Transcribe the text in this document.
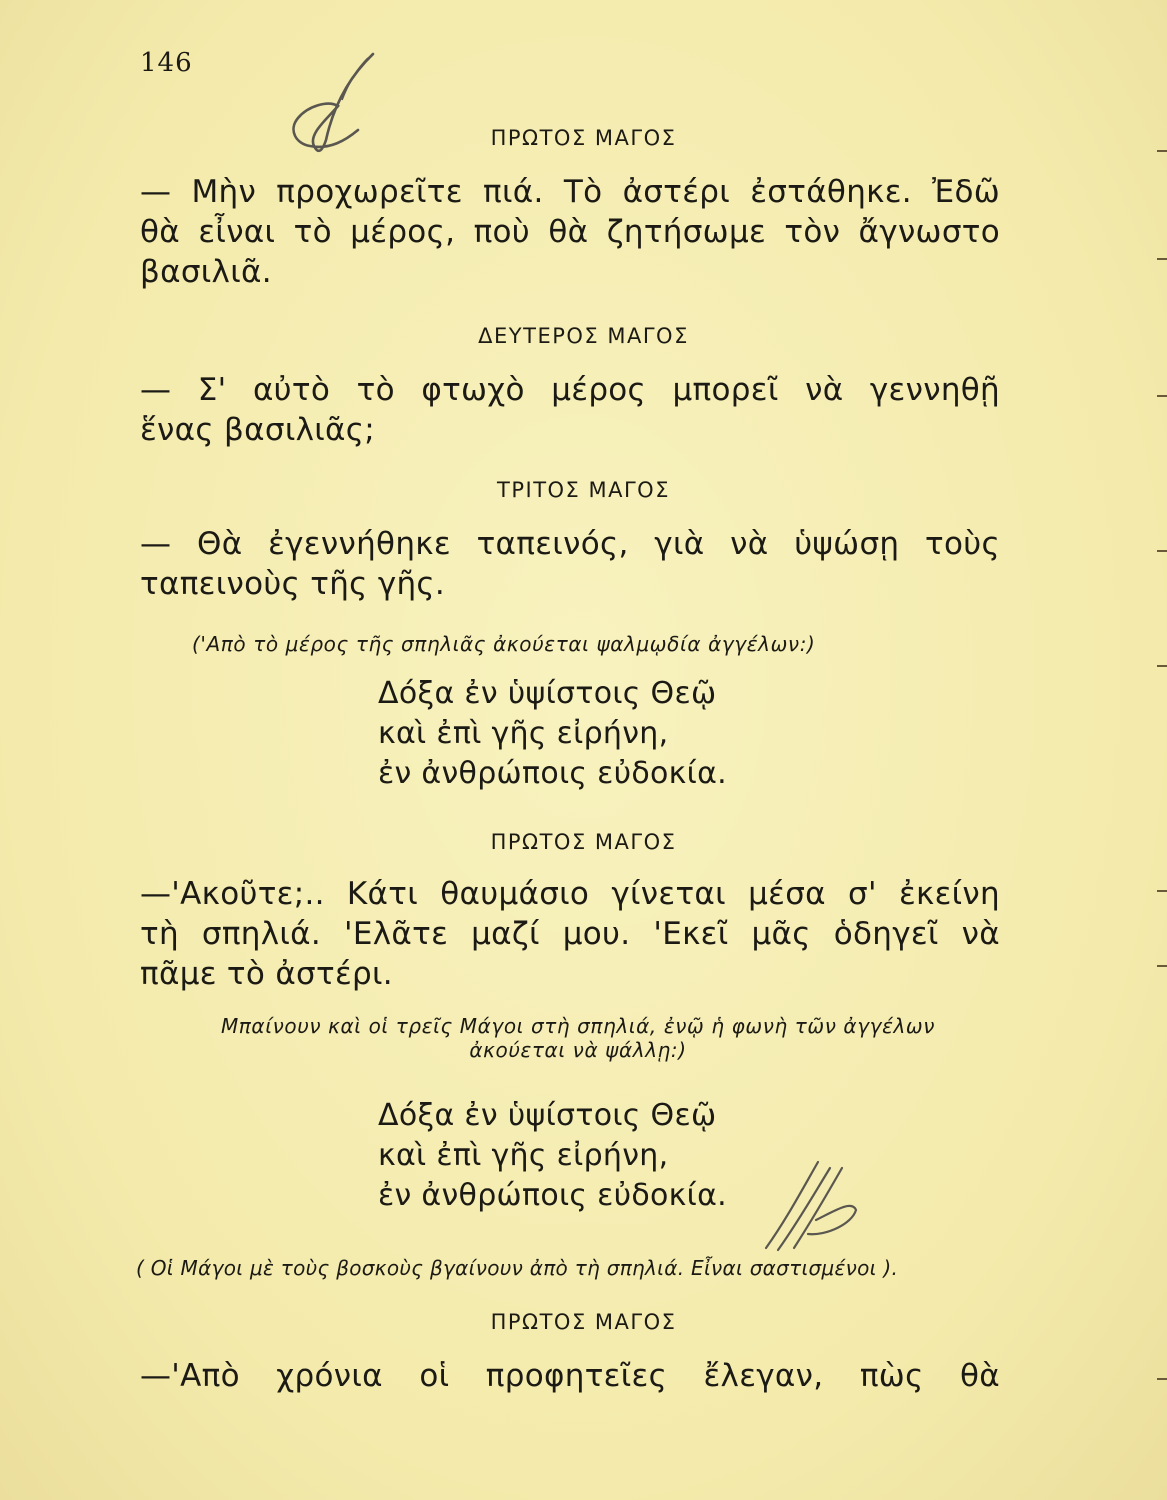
146
ΠΡΩΤΟΣ ΜΑΓΟΣ
— Μὴν προχωρεῖτε πιά. Τὸ ἀστέρι ἐστάθηκε. Ἐδῶ
θὰ εἶναι τὸ μέρος, ποὺ θὰ ζητήσωμε τὸν ἄγνωστο
βασιλιᾶ.
ΔΕΥΤΕΡΟΣ ΜΑΓΟΣ
— Σ' αὐτὸ τὸ φτωχὸ μέρος μπορεῖ νὰ γεννηθῇ
ἕνας βασιλιᾶς;
ΤΡΙΤΟΣ ΜΑΓΟΣ
— Θὰ ἐγεννήθηκε ταπεινός, γιὰ νὰ ὑψώσῃ τοὺς
ταπεινοὺς τῆς γῆς.
('Απὸ τὸ μέρος τῆς σπηλιᾶς ἀκούεται ψαλμῳδία ἀγγέλων:)
Δόξα ἐν ὑψίστοις Θεῷ
καὶ ἐπὶ γῆς εἰρήνη,
ἐν ἀνθρώποις εὐδοκία.
ΠΡΩΤΟΣ ΜΑΓΟΣ
—'Ακοῦτε;.. Κάτι θαυμάσιο γίνεται μέσα σ' ἐκείνη
τὴ σπηλιά. 'Ελᾶτε μαζί μου. 'Εκεῖ μᾶς ὁδηγεῖ νὰ
πᾶμε τὸ ἀστέρι.
Μπαίνουν καὶ οἱ τρεῖς Μάγοι στὴ σπηλιά, ἐνῷ ἡ φωνὴ τῶν ἀγγέλων
ἀκούεται νὰ ψάλλῃ:)
Δόξα ἐν ὑψίστοις Θεῷ
καὶ ἐπὶ γῆς εἰρήνη,
ἐν ἀνθρώποις εὐδοκία.
( Οἱ Μάγοι μὲ τοὺς βοσκοὺς βγαίνουν ἀπὸ τὴ σπηλιά. Εἶναι σαστισμένοι ).
ΠΡΩΤΟΣ ΜΑΓΟΣ
—'Απὸ χρόνια οἱ προφητεῖες ἔλεγαν, πὼς θὰ
